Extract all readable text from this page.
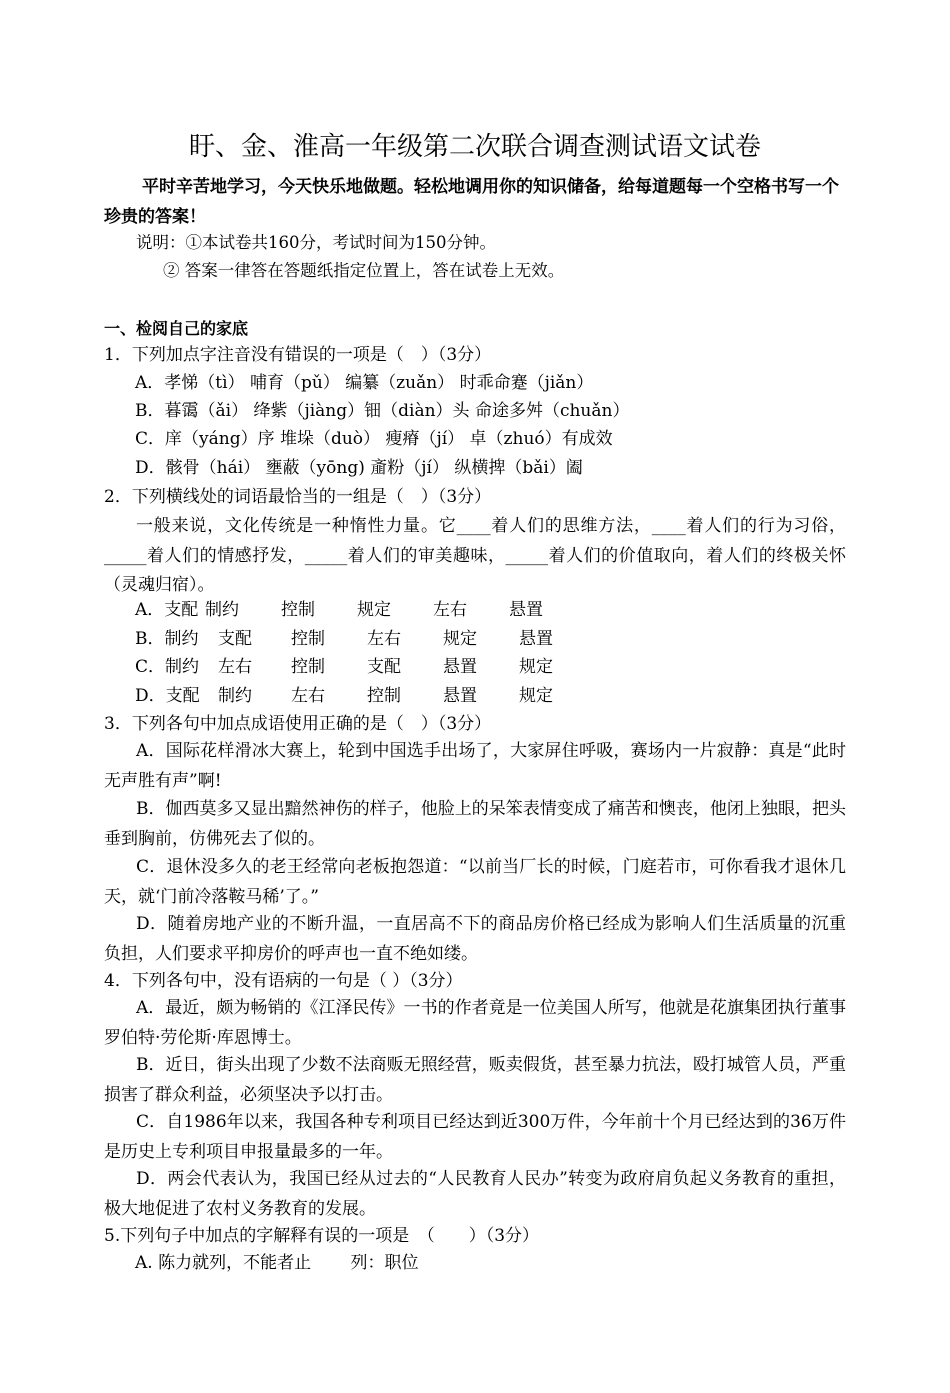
盱、金、淮高一年级第二次联合调查测试语文试卷
平时辛苦地学习，今天快乐地做题。轻松地调用你的知识储备，给每道题每一个空格书写一个珍贵的答案！
说明：①本试卷共160分，考试时间为150分钟。
② 答案一律答在答题纸指定位置上，答在试卷上无效。
一、检阅自己的家底
1．下列加点字注音没有错误的一项是（　）（3分）
A．孝悌（tì） 哺育（pǔ） 编纂（zuǎn） 时乖命蹇（jiǎn）
B．暮霭（ǎi） 绛紫（jiàng）钿（diàn）头 命途多舛（chuǎn）
C．庠（yáng）序 堆垛（duò） 瘦瘠（jí） 卓（zhuó）有成效
D．骸骨（hái） 壅蔽（yōng) 齑粉（jí） 纵横捭（bǎi）阖
2．下列横线处的词语最恰当的一组是（　）（3分）
一般来说，文化传统是一种惰性力量。它____着人们的思维方法，____着人们的行为习俗，_____着人们的情感抒发，_____着人们的审美趣味，_____着人们的价值取向，着人们的终极关怀（灵魂归宿）。
A．支配 制约 控制 规定 左右 悬置
B．制约 支配 控制 左右 规定 悬置
C．制约 左右 控制 支配 悬置 规定
D．支配 制约 左右 控制 悬置 规定
3．下列各句中加点成语使用正确的是（　）（3分）
A．国际花样滑冰大赛上，轮到中国选手出场了，大家屏住呼吸，赛场内一片寂静：真是“此时无声胜有声”啊!
B．伽西莫多又显出黯然神伤的样子，他脸上的呆笨表情变成了痛苦和懊丧，他闭上独眼，把头垂到胸前，仿佛死去了似的。
C．退休没多久的老王经常向老板抱怨道：“以前当厂长的时候，门庭若市，可你看我才退休几天，就‘门前冷落鞍马稀’了。”
D．随着房地产业的不断升温，一直居高不下的商品房价格已经成为影响人们生活质量的沉重负担，人们要求平抑房价的呼声也一直不绝如缕。
4．下列各句中，没有语病的一句是（ ）（3分）
A．最近，颇为畅销的《江泽民传》一书的作者竟是一位美国人所写，他就是花旗集团执行董事罗伯特·劳伦斯·库恩博士。
B．近日，街头出现了少数不法商贩无照经营，贩卖假货，甚至暴力抗法，殴打城管人员，严重损害了群众利益，必须坚决予以打击。
C．自1986年以来，我国各种专利项目已经达到近300万件，今年前十个月已经达到的36万件是历史上专利项目申报量最多的一年。
D．两会代表认为，我国已经从过去的“人民教育人民办”转变为政府肩负起义务教育的重担，极大地促进了农村义务教育的发展。
5.下列句子中加点的字解释有误的一项是　（　　）（3分）
A. 陈力就列，不能者止　　 列：职位
